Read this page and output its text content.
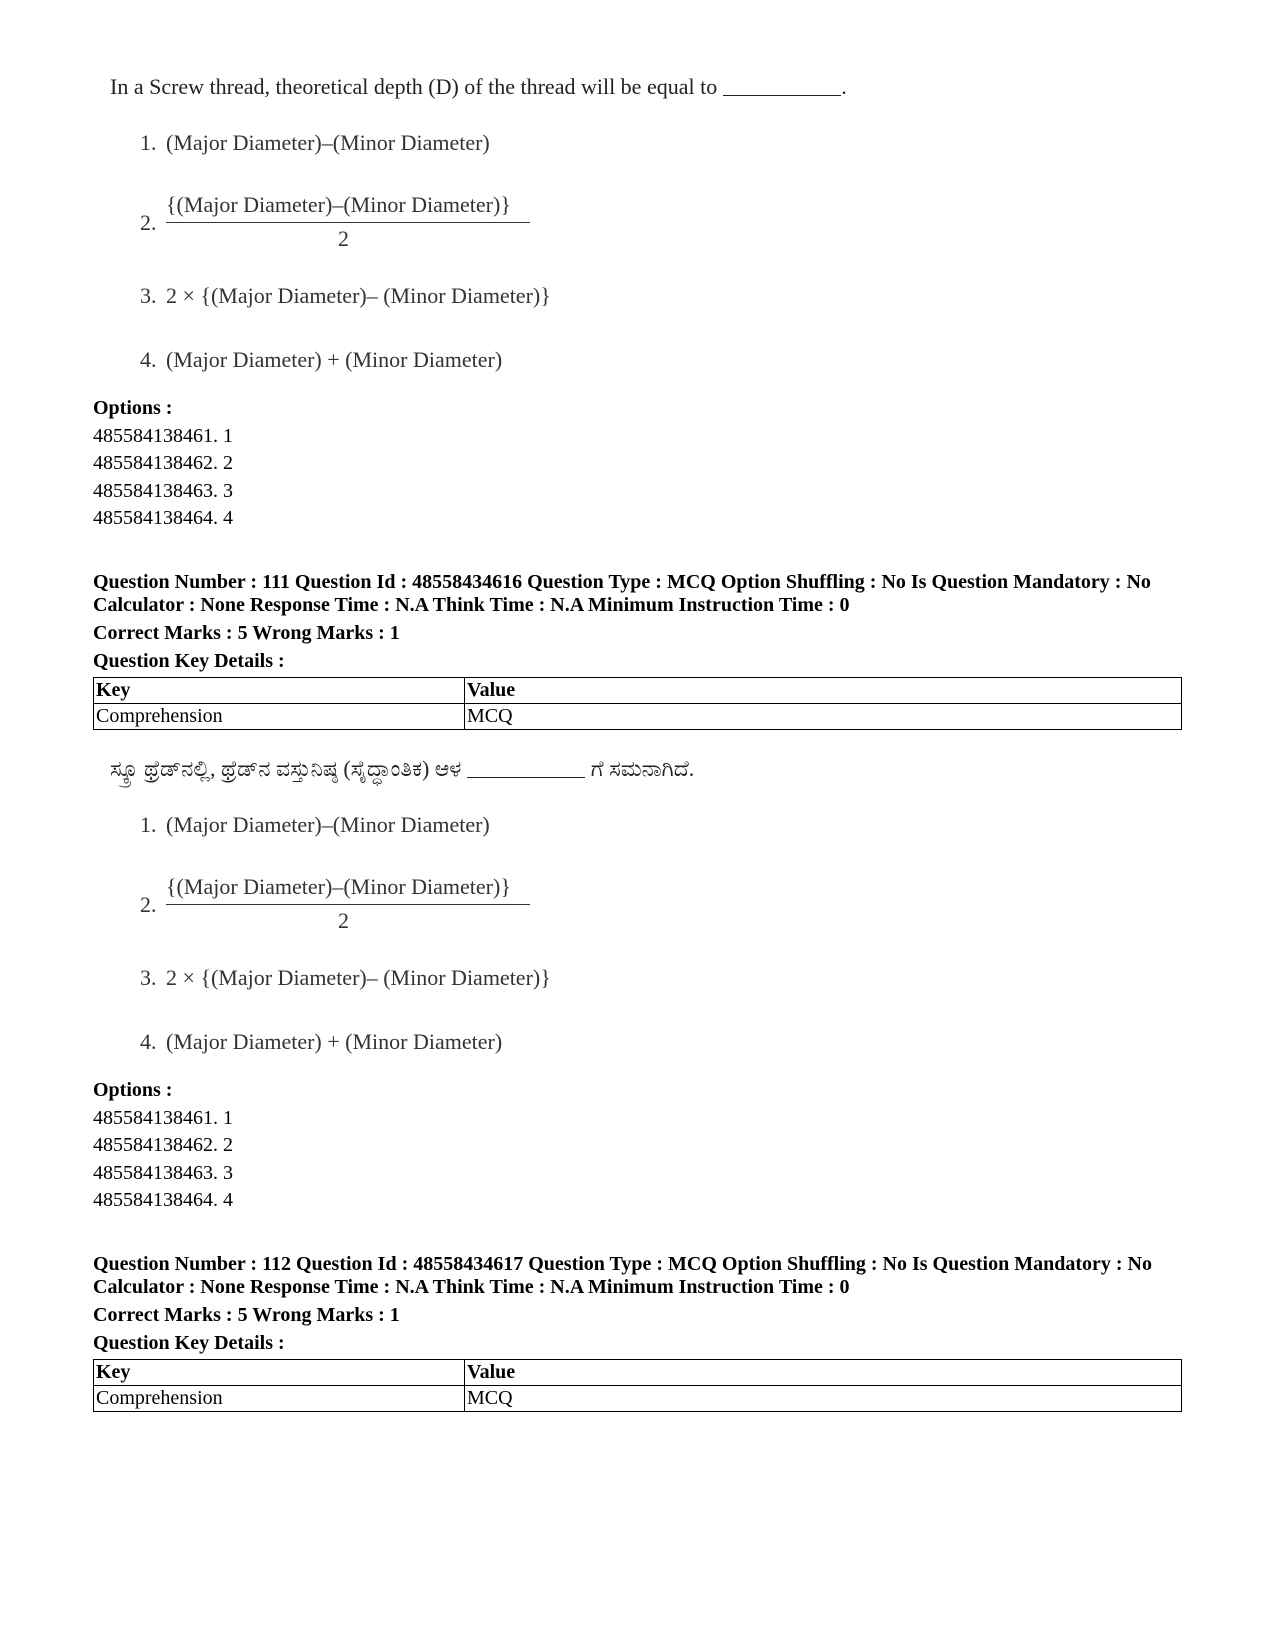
In a Screw thread, theoretical depth (D) of the thread will be equal to	.
1. (Major Diameter)–(Minor Diameter)
2.
{(Major Diameter)–(Minor Diameter)}
2
3. 2 × {(Major Diameter)– (Minor Diameter)}
4. (Major Diameter) + (Minor Diameter)
Options :
485584138461. 1
485584138462. 2
485584138463. 3
485584138464. 4
Question Number : 111 Question Id : 48558434616 Question Type : MCQ Option Shuffling : No Is Question Mandatory : No Calculator : None Response Time : N.A Think Time : N.A Minimum Instruction Time : 0
Correct Marks : 5 Wrong Marks : 1
Question Key Details :
Key	Value
Comprehension	MCQ
ಸ್ಕ್ರೂ ಥ್ರೆಡ್‌ನಲ್ಲಿ, ಥ್ರೆಡ್‌ನ ವಸ್ತುನಿಷ್ಠ (ಸೈದ್ಧಾಂತಿಕ) ಆಳ	ಗೆ ಸಮನಾಗಿದೆ.
1. (Major Diameter)–(Minor Diameter)
2.
{(Major Diameter)–(Minor Diameter)}
2
3. 2 × {(Major Diameter)– (Minor Diameter)}
4. (Major Diameter) + (Minor Diameter)
Options :
485584138461. 1
485584138462. 2
485584138463. 3
485584138464. 4
Question Number : 112 Question Id : 48558434617 Question Type : MCQ Option Shuffling : No Is Question Mandatory : No Calculator : None Response Time : N.A Think Time : N.A Minimum Instruction Time : 0
Correct Marks : 5 Wrong Marks : 1
Question Key Details :
Key	Value
Comprehension	MCQ
